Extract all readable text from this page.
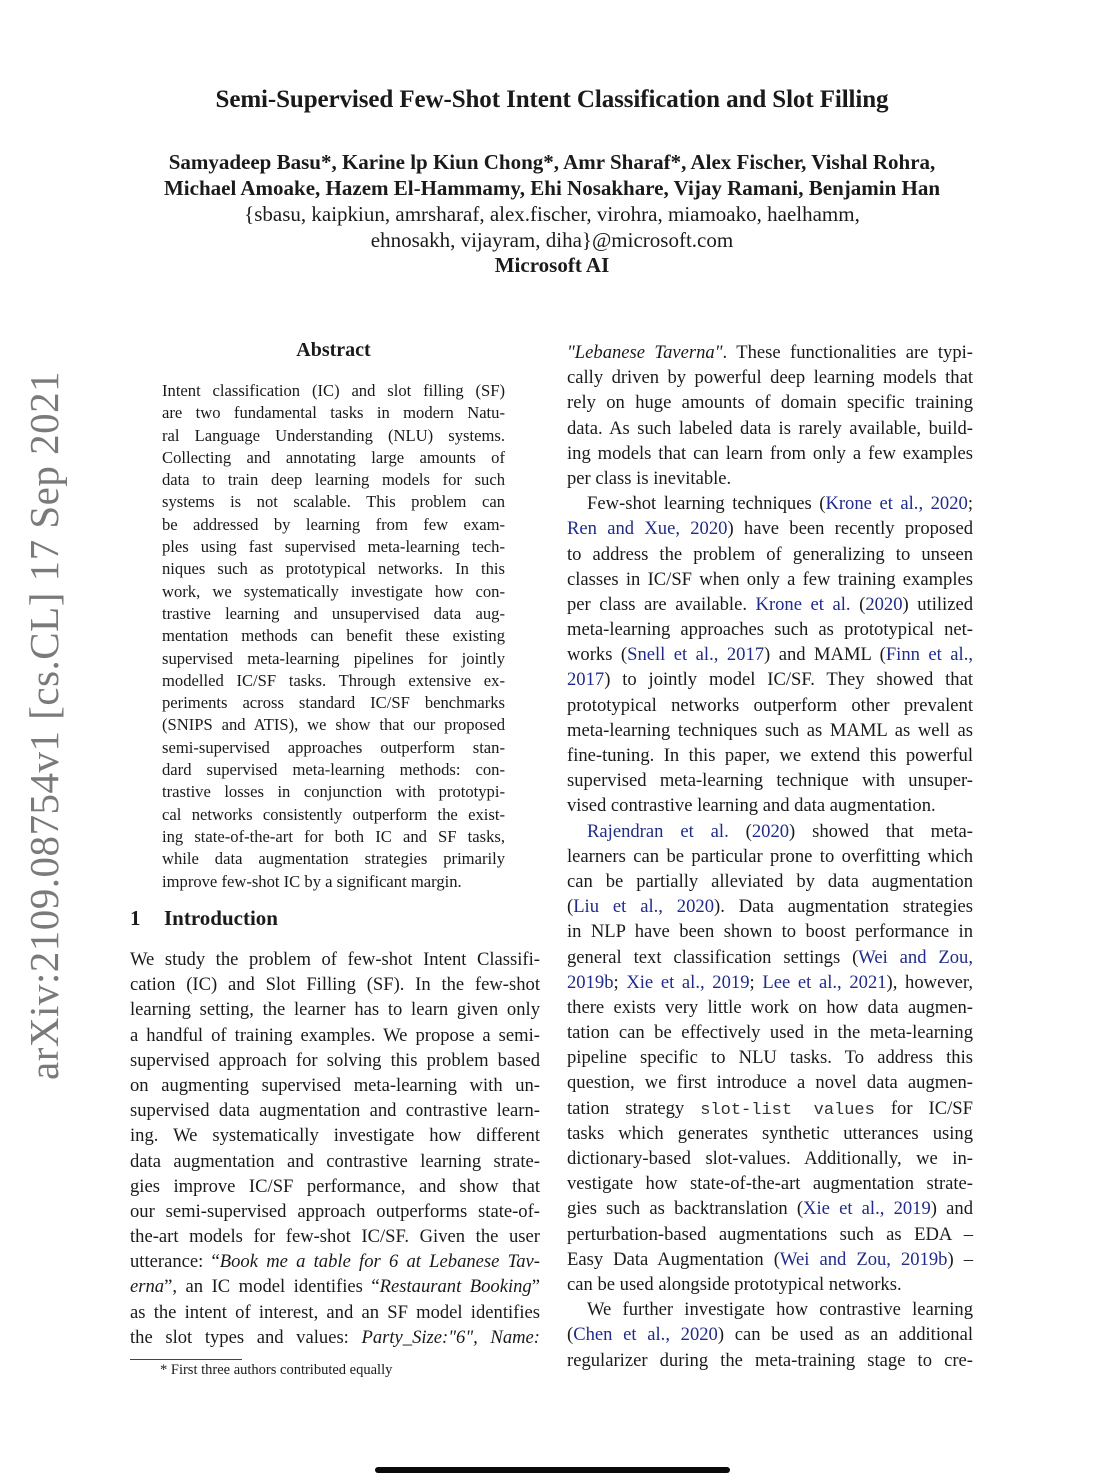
Semi-Supervised Few-Shot Intent Classification and Slot Filling
Samyadeep Basu*, Karine lp Kiun Chong*, Amr Sharaf*, Alex Fischer, Vishal Rohra,
Michael Amoake, Hazem El-Hammamy, Ehi Nosakhare, Vijay Ramani, Benjamin Han
{sbasu, kaipkiun, amrsharaf, alex.fischer, virohra, miamoako, haelhamm,
ehnosakh, vijayram, diha}@microsoft.com
Microsoft AI
arXiv:2109.08754v1 [cs.CL] 17 Sep 2021
Abstract
Intent classification (IC) and slot filling (SF)
are two fundamental tasks in modern Natu-
ral Language Understanding (NLU) systems.
Collecting and annotating large amounts of
data to train deep learning models for such
systems is not scalable. This problem can
be addressed by learning from few exam-
ples using fast supervised meta-learning tech-
niques such as prototypical networks. In this
work, we systematically investigate how con-
trastive learning and unsupervised data aug-
mentation methods can benefit these existing
supervised meta-learning pipelines for jointly
modelled IC/SF tasks. Through extensive ex-
periments across standard IC/SF benchmarks
(SNIPS and ATIS), we show that our proposed
semi-supervised approaches outperform stan-
dard supervised meta-learning methods: con-
trastive losses in conjunction with prototypi-
cal networks consistently outperform the exist-
ing state-of-the-art for both IC and SF tasks,
while data augmentation strategies primarily
improve few-shot IC by a significant margin.
1 Introduction
We study the problem of few-shot Intent Classifi-
cation (IC) and Slot Filling (SF). In the few-shot
learning setting, the learner has to learn given only
a handful of training examples. We propose a semi-
supervised approach for solving this problem based
on augmenting supervised meta-learning with un-
supervised data augmentation and contrastive learn-
ing. We systematically investigate how different
data augmentation and contrastive learning strate-
gies improve IC/SF performance, and show that
our semi-supervised approach outperforms state-of-
the-art models for few-shot IC/SF. Given the user
utterance: “Book me a table for 6 at Lebanese Tav-
erna”, an IC model identifies “Restaurant Booking”
as the intent of interest, and an SF model identifies
the slot types and values: Party_Size:"6", Name:
* First three authors contributed equally
"Lebanese Taverna". These functionalities are typi-
cally driven by powerful deep learning models that
rely on huge amounts of domain specific training
data. As such labeled data is rarely available, build-
ing models that can learn from only a few examples
per class is inevitable.
Few-shot learning techniques (Krone et al., 2020;
Ren and Xue, 2020) have been recently proposed
to address the problem of generalizing to unseen
classes in IC/SF when only a few training examples
per class are available. Krone et al. (2020) utilized
meta-learning approaches such as prototypical net-
works (Snell et al., 2017) and MAML (Finn et al.,
2017) to jointly model IC/SF. They showed that
prototypical networks outperform other prevalent
meta-learning techniques such as MAML as well as
fine-tuning. In this paper, we extend this powerful
supervised meta-learning technique with unsuper-
vised contrastive learning and data augmentation.
Rajendran et al. (2020) showed that meta-
learners can be particular prone to overfitting which
can be partially alleviated by data augmentation
(Liu et al., 2020). Data augmentation strategies
in NLP have been shown to boost performance in
general text classification settings (Wei and Zou,
2019b; Xie et al., 2019; Lee et al., 2021), however,
there exists very little work on how data augmen-
tation can be effectively used in the meta-learning
pipeline specific to NLU tasks. To address this
question, we first introduce a novel data augmen-
tation strategy slot-list values for IC/SF
tasks which generates synthetic utterances using
dictionary-based slot-values. Additionally, we in-
vestigate how state-of-the-art augmentation strate-
gies such as backtranslation (Xie et al., 2019) and
perturbation-based augmentations such as EDA –
Easy Data Augmentation (Wei and Zou, 2019b) –
can be used alongside prototypical networks.
We further investigate how contrastive learning
(Chen et al., 2020) can be used as an additional
regularizer during the meta-training stage to cre-
